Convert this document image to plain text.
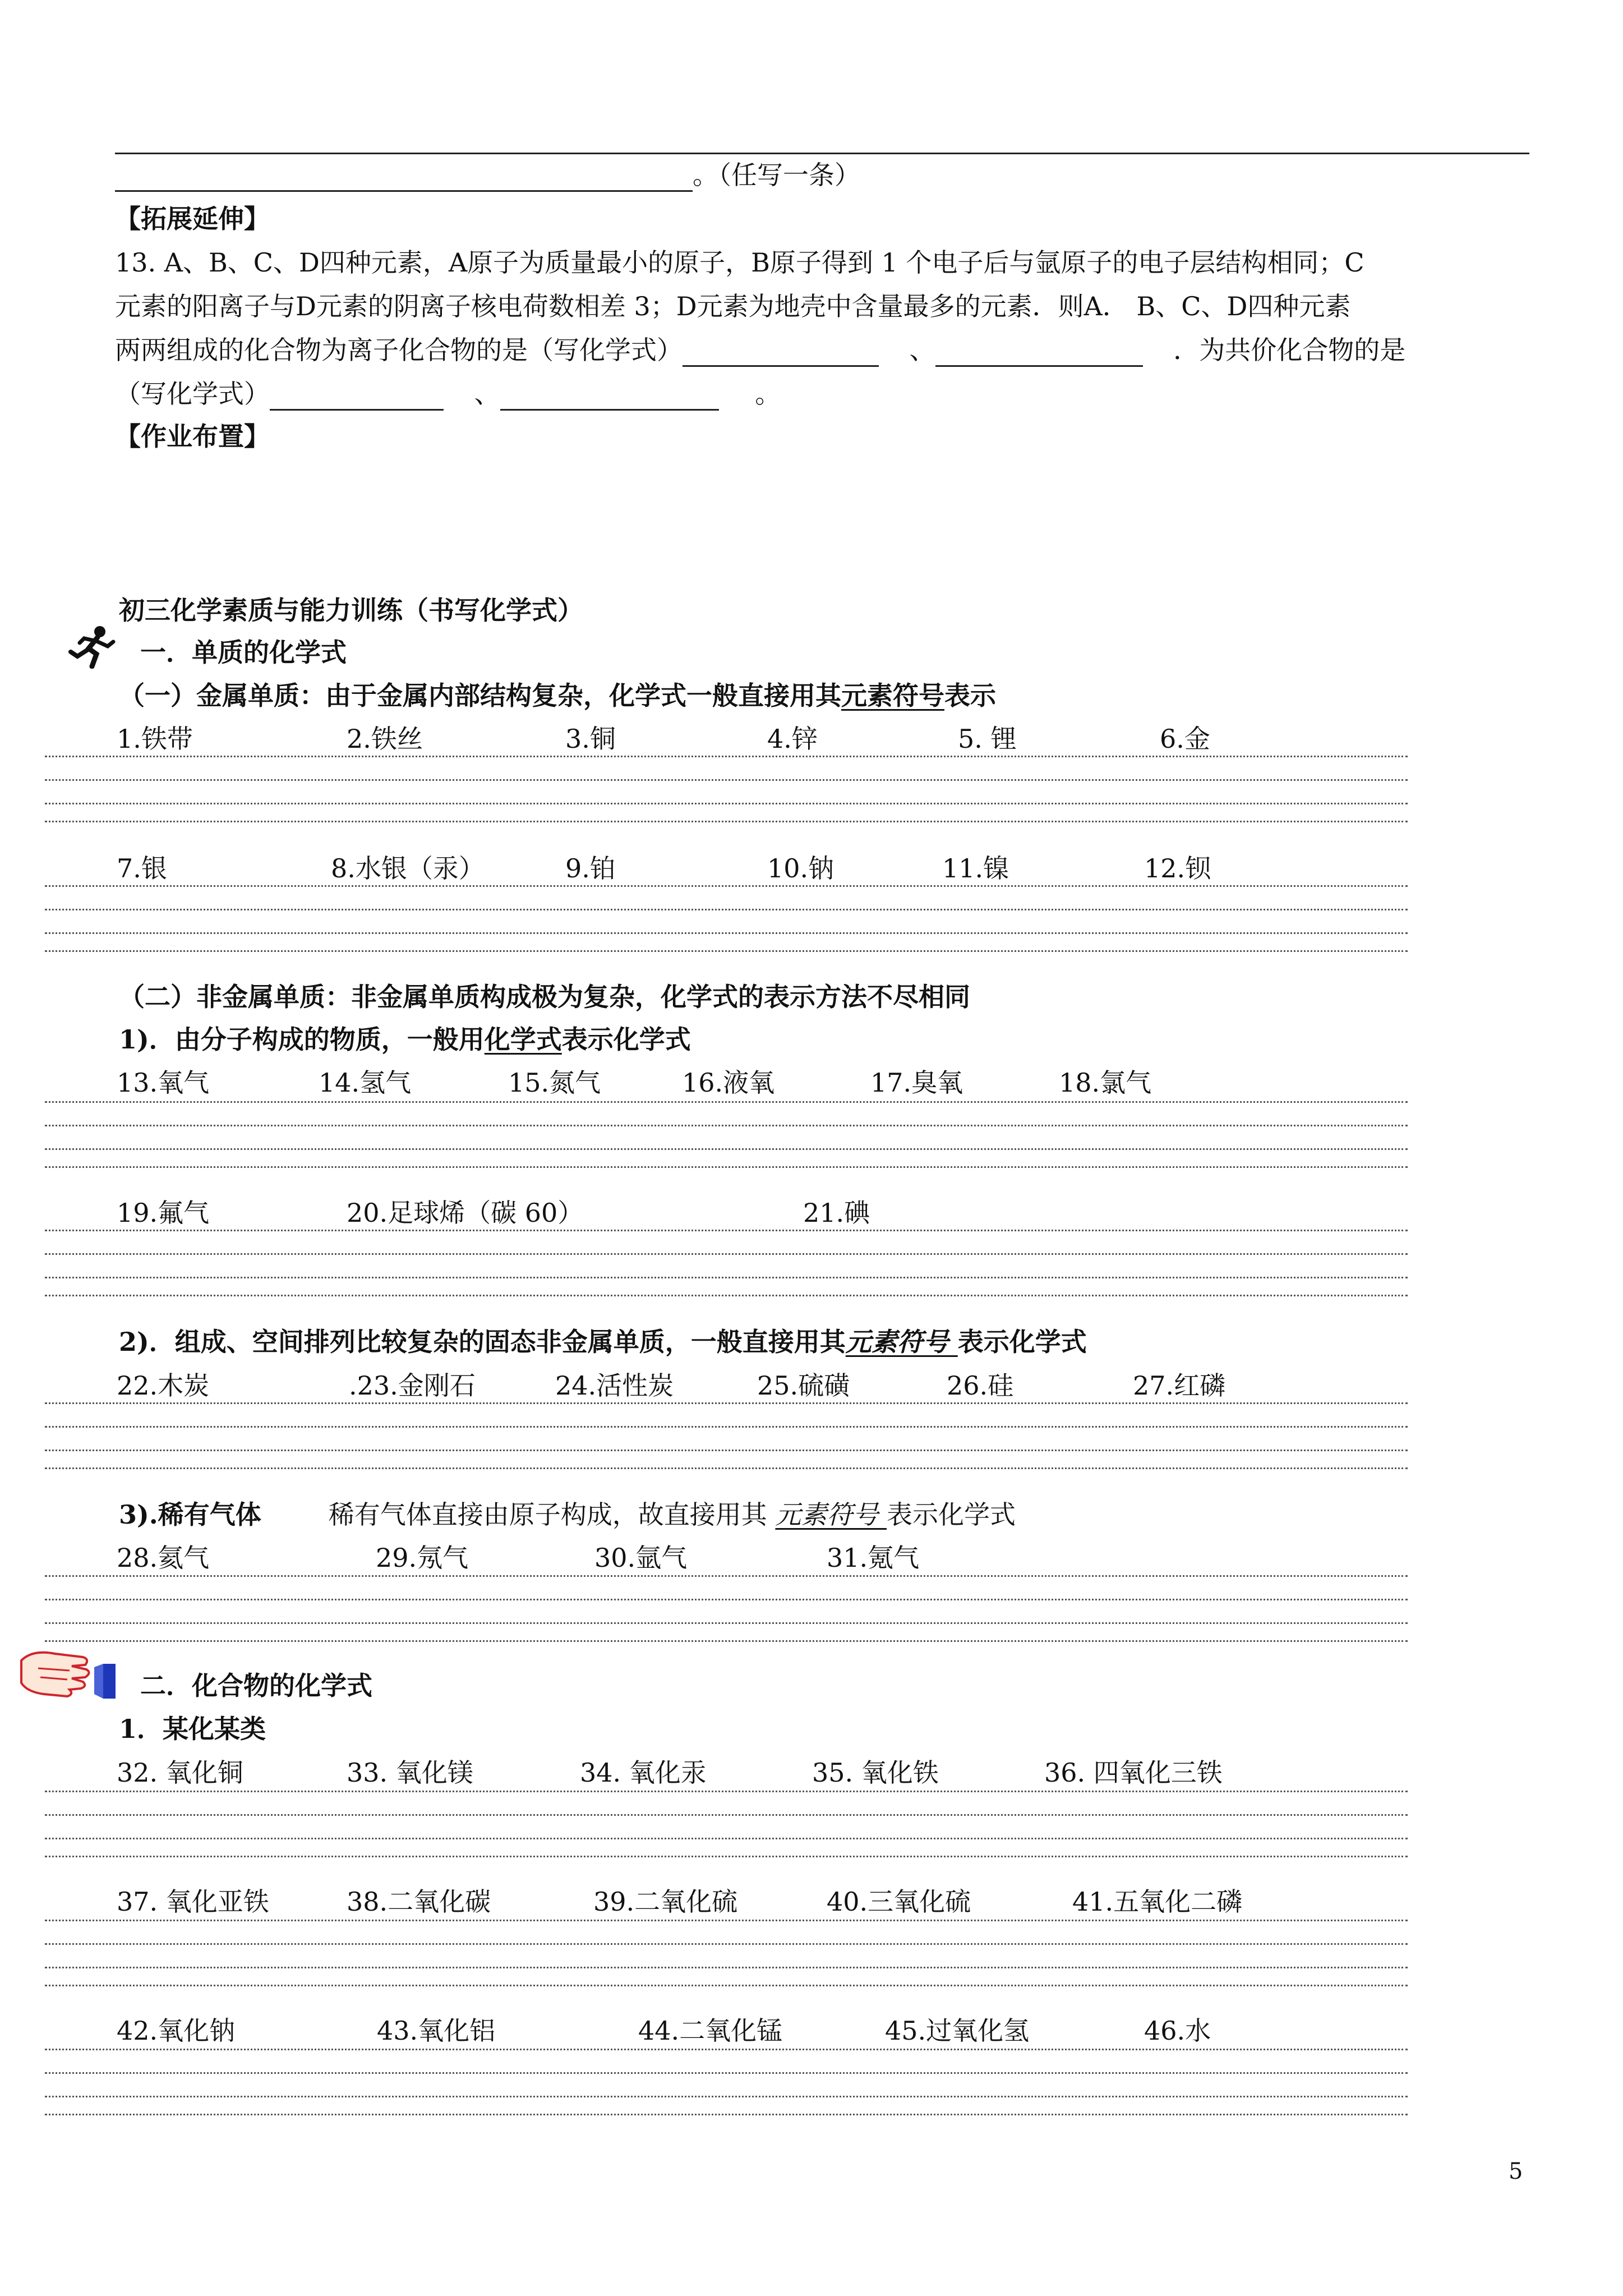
。（任写一条）
【拓展延伸】
13. A、B、C、D四种元素，A原子为质量最小的原子，B原子得到 1 个电子后与氩原子的电子层结构相同；C
元素的阳离子与D元素的阴离子核电荷数相差 3；D元素为地壳中含量最多的元素．则A． B、C、D四种元素
两两组成的化合物为离子化合物的是（写化学式）	、	．为共价化合物的是
（写化学式）	、	。
【作业布置】
初三化学素质与能力训练（书写化学式）
一．单质的化学式
（一）金属单质：由于金属内部结构复杂，化学式一般直接用其元素符号表示
1.铁带	2.铁丝	3.铜	4.锌	5. 锂	6.金
7.银	8.水银（汞）	9.铂	10.钠	11.镍	12.钡
（二）非金属单质：非金属单质构成极为复杂，化学式的表示方法不尽相同
1)．由分子构成的物质，一般用化学式表示化学式
13.氧气	14.氢气	15.氮气	16.液氧	17.臭氧	18.氯气
19.氟气	20.足球烯（碳 60）	21.碘
2)．组成、空间排列比较复杂的固态非金属单质，一般直接用其元素符号 表示化学式
22.木炭	.23.金刚石	24.活性炭	25.硫磺	26.硅	27.红磷
3).稀有气体	稀有气体直接由原子构成，故直接用其 元素符号 表示化学式
28.氦气	29.氖气	30.氩气	31.氪气
二．化合物的化学式
1．某化某类
32. 氧化铜	33. 氧化镁	34. 氧化汞	35. 氧化铁	36. 四氧化三铁
37. 氧化亚铁	38.二氧化碳	39.二氧化硫	40.三氧化硫	41.五氧化二磷
42.氧化钠	43.氧化铝	44.二氧化锰	45.过氧化氢	46.水
5
